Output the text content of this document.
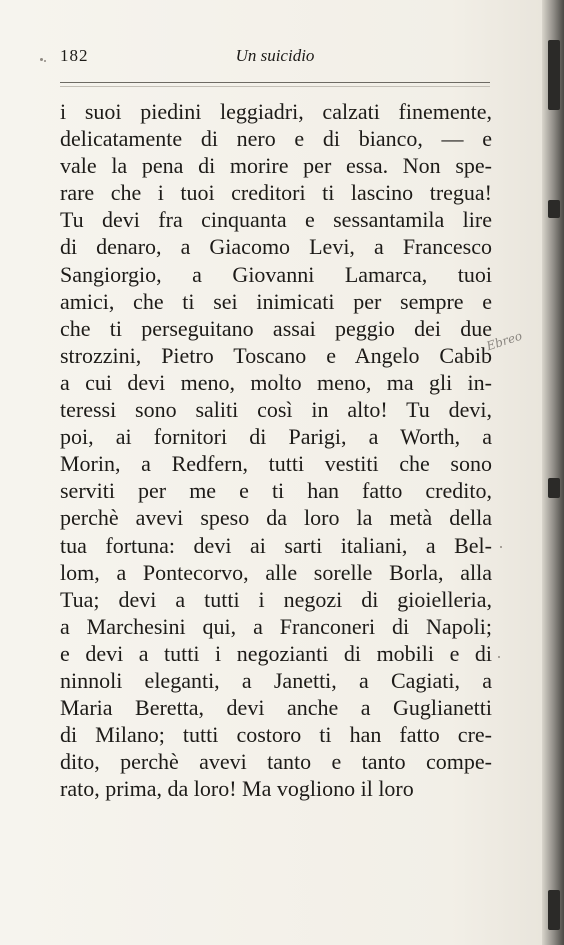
182	Un suicidio
i suoi piedini leggiadri, calzati finemente,
delicatamente di nero e di bianco, — e
vale la pena di morire per essa. Non spe-
rare che i tuoi creditori ti lascino tregua!
Tu devi fra cinquanta e sessantamila lire
di denaro, a Giacomo Levi, a Francesco
Sangiorgio, a Giovanni Lamarca, tuoi
amici, che ti sei inimicati per sempre e
che ti perseguitano assai peggio dei due
strozzini, Pietro Toscano e Angelo Cabib
a cui devi meno, molto meno, ma gli in-
teressi sono saliti così in alto! Tu devi,
poi, ai fornitori di Parigi, a Worth, a
Morin, a Redfern, tutti vestiti che sono
serviti per me e ti han fatto credito,
perchè avevi speso da loro la metà della
tua fortuna: devi ai sarti italiani, a Bel-
lom, a Pontecorvo, alle sorelle Borla, alla
Tua; devi a tutti i negozi di gioielleria,
a Marchesini qui, a Franconeri di Napoli;
e devi a tutti i negozianti di mobili e di
ninnoli eleganti, a Janetti, a Cagiati, a
Maria Beretta, devi anche a Guglianetti
di Milano; tutti costoro ti han fatto cre-
dito, perchè avevi tanto e tanto compe-
rato, prima, da loro! Ma vogliono il loro
Ebreo
